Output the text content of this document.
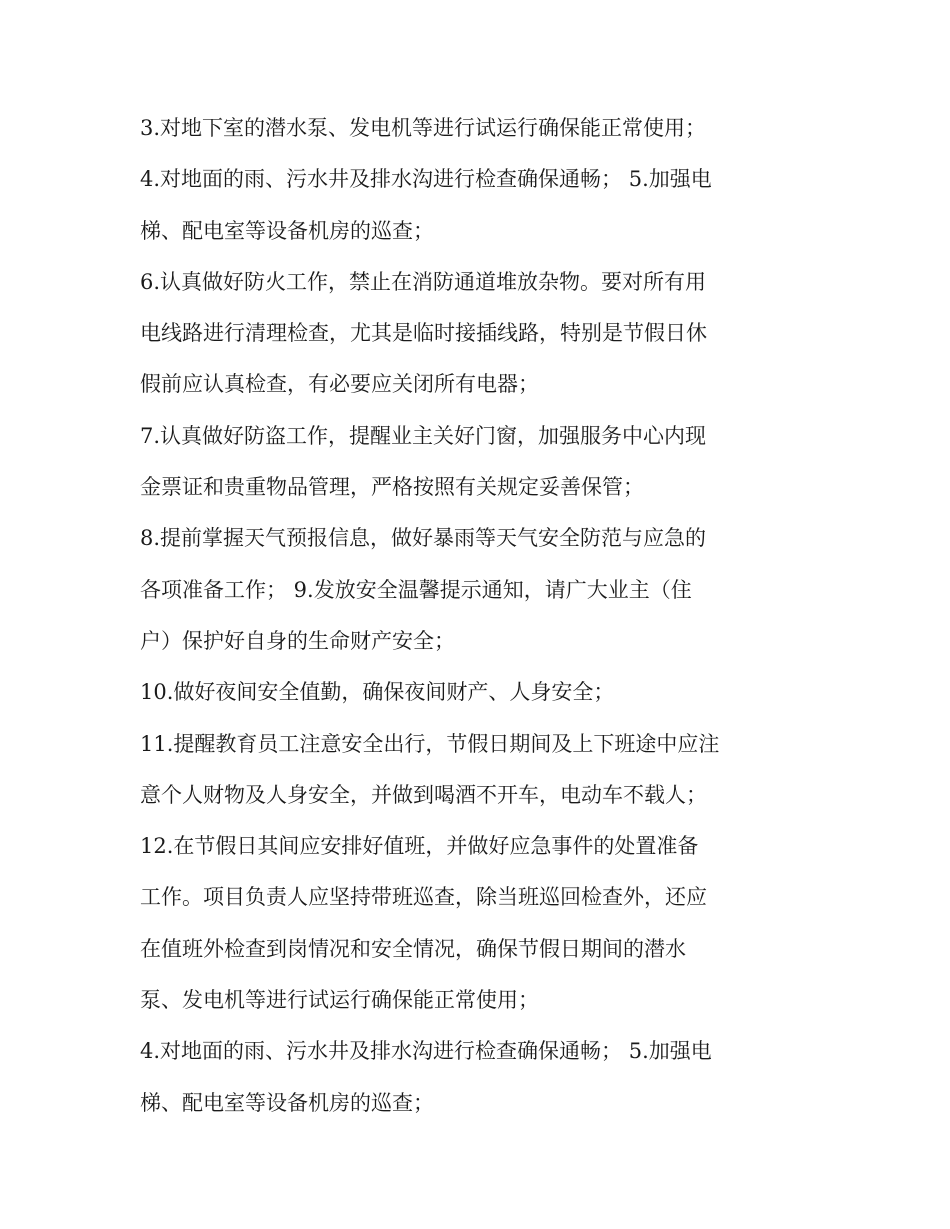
3.对地下室的潜水泵、发电机等进行试运行确保能正常使用；

4.对地面的雨、污水井及排水沟进行检查确保通畅； 5.加强电

梯、配电室等设备机房的巡查；

6.认真做好防火工作，禁止在消防通道堆放杂物。要对所有用

电线路进行清理检查，尤其是临时接插线路，特别是节假日休

假前应认真检查，有必要应关闭所有电器；

7.认真做好防盗工作，提醒业主关好门窗，加强服务中心内现

金票证和贵重物品管理，严格按照有关规定妥善保管；

8.提前掌握天气预报信息，做好暴雨等天气安全防范与应急的

各项准备工作； 9.发放安全温馨提示通知，请广大业主（住

户）保护好自身的生命财产安全；

10.做好夜间安全值勤，确保夜间财产、人身安全；

11.提醒教育员工注意安全出行，节假日期间及上下班途中应注

意个人财物及人身安全，并做到喝酒不开车，电动车不载人；

12.在节假日其间应安排好值班，并做好应急事件的处置准备

工作。项目负责人应坚持带班巡查，除当班巡回检查外，还应

在值班外检查到岗情况和安全情况，确保节假日期间的潜水

泵、发电机等进行试运行确保能正常使用；

4.对地面的雨、污水井及排水沟进行检查确保通畅； 5.加强电

梯、配电室等设备机房的巡查；
